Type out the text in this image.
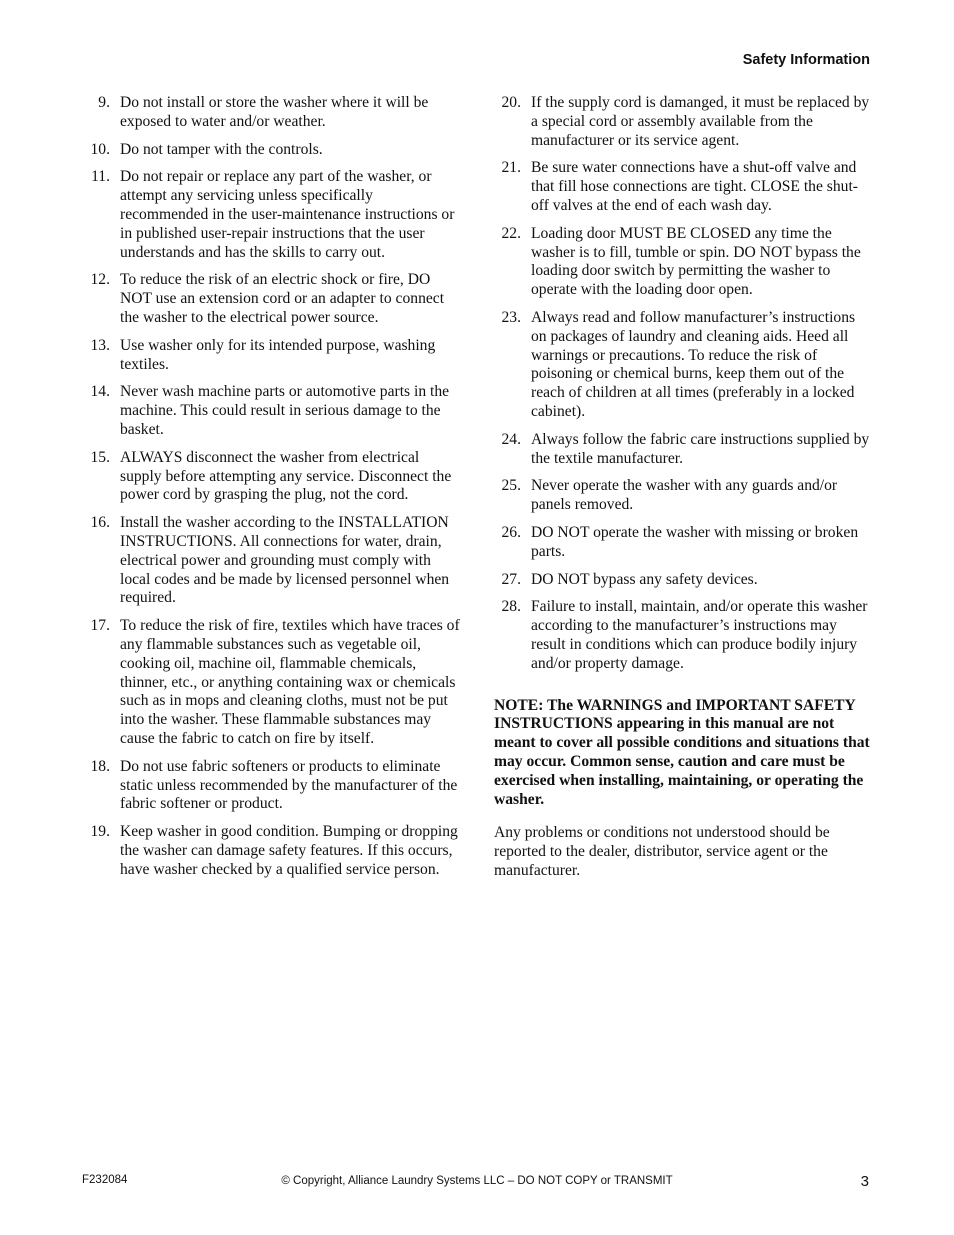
Safety Information
9. Do not install or store the washer where it will be exposed to water and/or weather.
10. Do not tamper with the controls.
11. Do not repair or replace any part of the washer, or attempt any servicing unless specifically recommended in the user-maintenance instructions or in published user-repair instructions that the user understands and has the skills to carry out.
12. To reduce the risk of an electric shock or fire, DO NOT use an extension cord or an adapter to connect the washer to the electrical power source.
13. Use washer only for its intended purpose, washing textiles.
14. Never wash machine parts or automotive parts in the machine. This could result in serious damage to the basket.
15. ALWAYS disconnect the washer from electrical supply before attempting any service. Disconnect the power cord by grasping the plug, not the cord.
16. Install the washer according to the INSTALLATION INSTRUCTIONS. All connections for water, drain, electrical power and grounding must comply with local codes and be made by licensed personnel when required.
17. To reduce the risk of fire, textiles which have traces of any flammable substances such as vegetable oil, cooking oil, machine oil, flammable chemicals, thinner, etc., or anything containing wax or chemicals such as in mops and cleaning cloths, must not be put into the washer. These flammable substances may cause the fabric to catch on fire by itself.
18. Do not use fabric softeners or products to eliminate static unless recommended by the manufacturer of the fabric softener or product.
19. Keep washer in good condition. Bumping or dropping the washer can damage safety features. If this occurs, have washer checked by a qualified service person.
20. If the supply cord is damanged, it must be replaced by a special cord or assembly available from the manufacturer or its service agent.
21. Be sure water connections have a shut-off valve and that fill hose connections are tight. CLOSE the shut-off valves at the end of each wash day.
22. Loading door MUST BE CLOSED any time the washer is to fill, tumble or spin. DO NOT bypass the loading door switch by permitting the washer to operate with the loading door open.
23. Always read and follow manufacturer’s instructions on packages of laundry and cleaning aids. Heed all warnings or precautions. To reduce the risk of poisoning or chemical burns, keep them out of the reach of children at all times (preferably in a locked cabinet).
24. Always follow the fabric care instructions supplied by the textile manufacturer.
25. Never operate the washer with any guards and/or panels removed.
26. DO NOT operate the washer with missing or broken parts.
27. DO NOT bypass any safety devices.
28. Failure to install, maintain, and/or operate this washer according to the manufacturer’s instructions may result in conditions which can produce bodily injury and/or property damage.

NOTE: The WARNINGS and IMPORTANT SAFETY INSTRUCTIONS appearing in this manual are not meant to cover all possible conditions and situations that may occur. Common sense, caution and care must be exercised when installing, maintaining, or operating the washer.

Any problems or conditions not understood should be reported to the dealer, distributor, service agent or the manufacturer.

F232084	© Copyright, Alliance Laundry Systems LLC – DO NOT COPY or TRANSMIT	3
